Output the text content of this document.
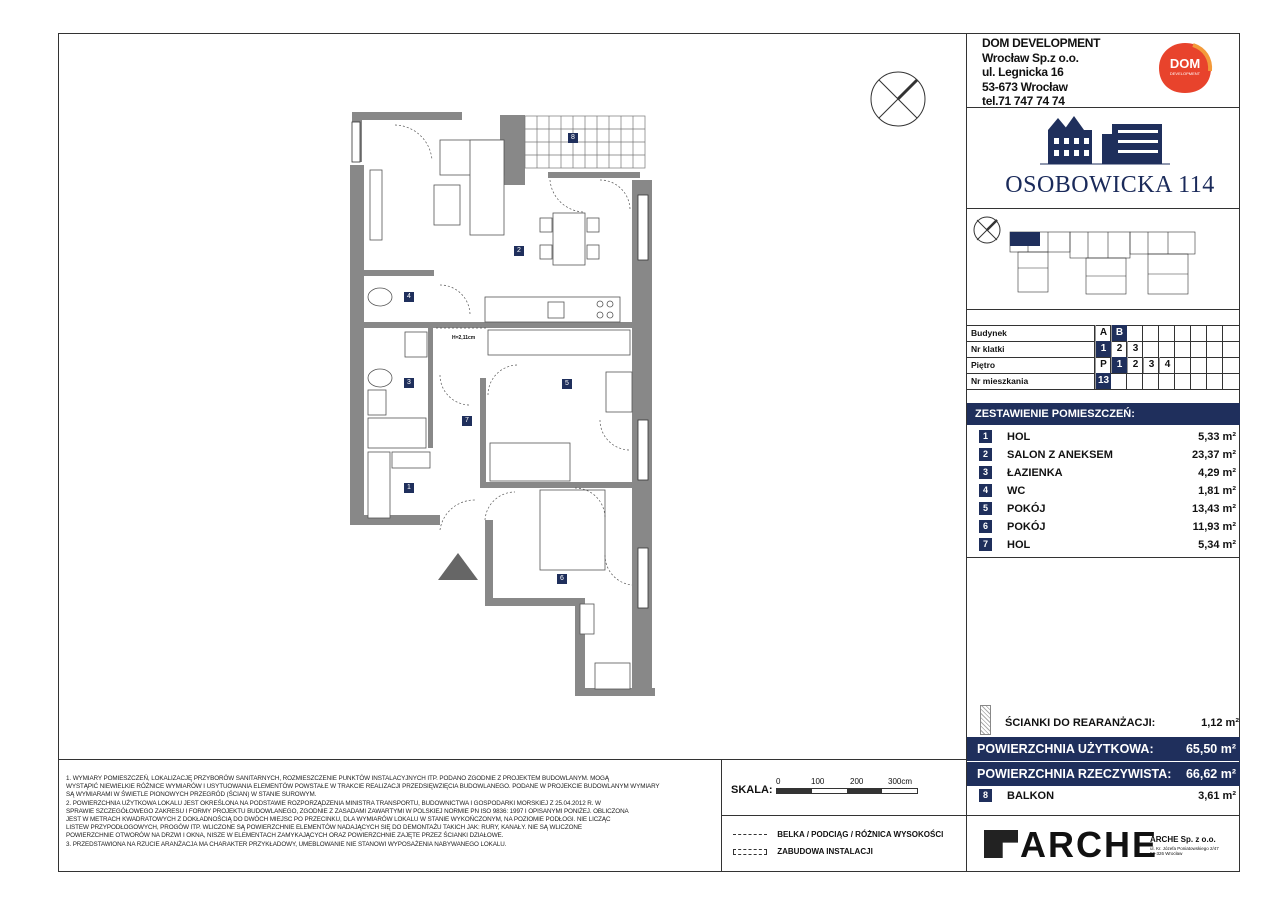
8
2
4
3	5
7
1
6
H=2,11cm
DOM DEVELOPMENT
Wrocław Sp.z o.o.
ul. Legnicka 16
53-673 Wrocław
tel.71 747 74 74
DOM
DEVELOPMENT
OSOBOWICKA 114
Budynek	A B
Nr klatki	1	2	3
Piętro	P 1	2	3	4
Nr mieszkania	13
ZESTAWIENIE POMIESZCZEŃ:
1	HOL	5,33 m²
2	SALON Z ANEKSEM	23,37 m²
3	ŁAZIENKA	4,29 m²
4	WC	1,81 m²
5	POKÓJ	13,43 m²
6	POKÓJ	11,93 m²
7	HOL	5,34 m²
ŚCIANKI DO REARANŻACJI:	1,12 m²
POWIERZCHNIA UŻYTKOWA:	65,50 m²
POWIERZCHNIA RZECZYWISTA: 66,62 m²
8	BALKON	3,61 m²
1. WYMIARY POMIESZCZEŃ, LOKALIZACJĘ PRZYBORÓW SANITARNYCH, ROZMIESZCZENIE PUNKTÓW INSTALACYJNYCH ITP. PODANO ZGODNIE Z PROJEKTEM BUDOWLANYM. MOGĄ
WYSTĄPIĆ NIEWIELKIE RÓŻNICE WYMIARÓW I USYTUOWANIA ELEMENTÓW POWSTAŁE W TRAKCIE REALIZACJI PRZEDSIĘWZIĘCIA BUDOWLANEGO. PODANE W PROJEKCIE BUDOWLANYM WYMIARY
SĄ WYMIARAMI W ŚWIETLE PIONOWYCH PRZEGRÓD (ŚCIAN) W STANIE SUROWYM.
2. POWIERZCHNIA UŻYTKOWA LOKALU JEST OKREŚLONA NA PODSTAWIE ROZPORZĄDZENIA MINISTRA TRANSPORTU, BUDOWNICTWA I GOSPODARKI MORSKIEJ Z 25.04.2012 R. W
SPRAWIE SZCZEGÓŁOWEGO ZAKRESU I FORMY PROJEKTU BUDOWLANEGO, ZGODNIE Z ZASADAMI ZAWARTYMI W POLSKIEJ NORMIE PN ISO 9836: 1997 I OPISANYMI PONIŻEJ. OBLICZONA
JEST W METRACH KWADRATOWYCH Z DOKŁADNOŚCIĄ DO DWÓCH MIEJSC PO PRZECINKU, DLA WYMIARÓW LOKALU W STANIE WYKOŃCZONYM, NA POZIOMIE PODŁOGI. NIE LICZĄC
LISTEW PRZYPODŁOGOWYCH, PROGÓW ITP. WLICZONE SĄ POWIERZCHNIE ELEMENTÓW NADAJĄCYCH SIĘ DO DEMONTAŻU TAKICH JAK: RURY, KANAŁY. NIE SĄ WLICZONE
POWIERZCHNIE OTWORÓW NA DRZWI I OKNA, NISZE W ELEMENTACH ZAMYKAJĄCYCH ORAZ POWIERZCHNIE ZAJĘTE PRZEZ ŚCIANKI DZIAŁOWE.
3. PRZEDSTAWIONA NA RZUCIE ARANŻACJA MA CHARAKTER PRZYKŁADOWY, UMEBLOWANIE NIE STANOWI WYPOSAŻENIA NABYWANEGO LOKALU.
SKALA:
0	100	200	300cm
BELKA / PODCIĄG / RÓŻNICA WYSOKOŚCI
ZABUDOWA INSTALACJI	ARCHE
ARCHE Sp. z o.o.
ul. Kr. Józefa Poniatowskiego 2/47
50-326 Wrocław
